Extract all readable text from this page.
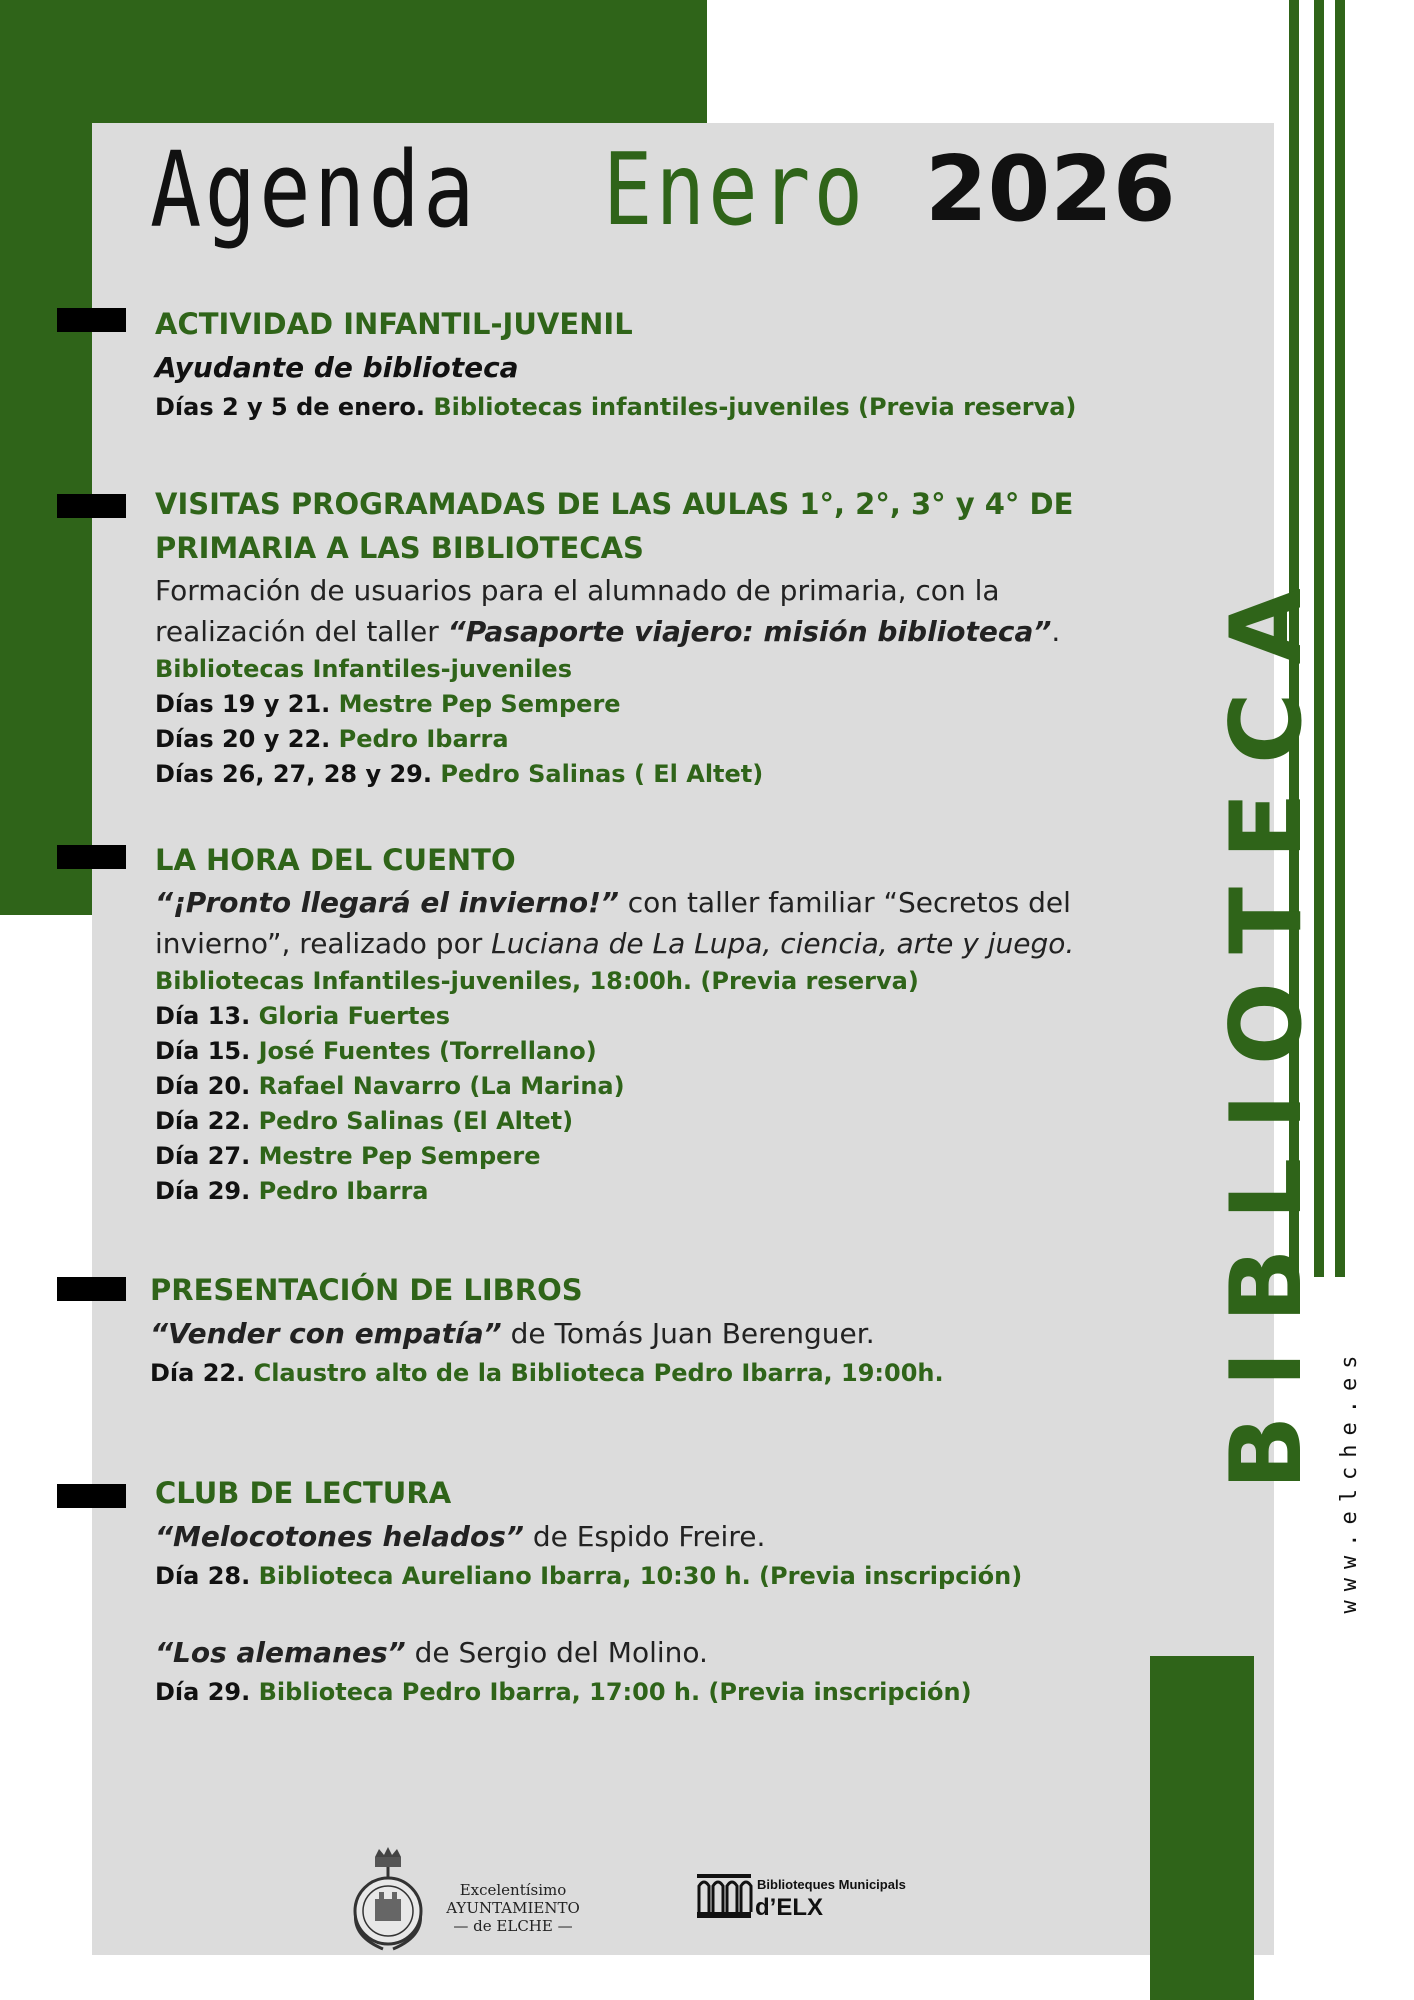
Agenda Enero 2026

ACTIVIDAD INFANTIL-JUVENIL

Ayudante de biblioteca

Días 2 y 5 de enero. Bibliotecas infantiles-juveniles (Previa reserva)

VISITAS PROGRAMADAS DE LAS AULAS 1°, 2°, 3° y 4° DE

PRIMARIA A LAS BIBLIOTECAS

Formación de usuarios para el alumnado de primaria, con la

realización del taller “Pasaporte viajero: misión biblioteca”.

Bibliotecas Infantiles-juveniles

Días 19 y 21. Mestre Pep Sempere

Días 20 y 22. Pedro Ibarra

Días 26, 27, 28 y 29. Pedro Salinas ( El Altet)

LA HORA DEL CUENTO

“¡Pronto llegará el invierno!” con taller familiar “Secretos del

invierno”, realizado por Luciana de La Lupa, ciencia, arte y juego.

Bibliotecas Infantiles-juveniles, 18:00h. (Previa reserva)

Día 13. Gloria Fuertes

Día 15. José Fuentes (Torrellano)

Día 20. Rafael Navarro (La Marina)

Día 22. Pedro Salinas (El Altet)

Día 27. Mestre Pep Sempere

Día 29. Pedro Ibarra

PRESENTACIÓN DE LIBROS

“Vender con empatía” de Tomás Juan Berenguer.

Día 22. Claustro alto de la Biblioteca Pedro Ibarra, 19:00h.

CLUB DE LECTURA

“Melocotones helados” de Espido Freire.

Día 28. Biblioteca Aureliano Ibarra, 10:30 h. (Previa inscripción)

“Los alemanes” de Sergio del Molino.

Día 29. Biblioteca Pedro Ibarra, 17:00 h. (Previa inscripción)

BIBLIOTECA www.elche.es
Excelentísimo
AYUNTAMIENTO
— de ELCHE —
Biblioteques Municipals
d’ELX
